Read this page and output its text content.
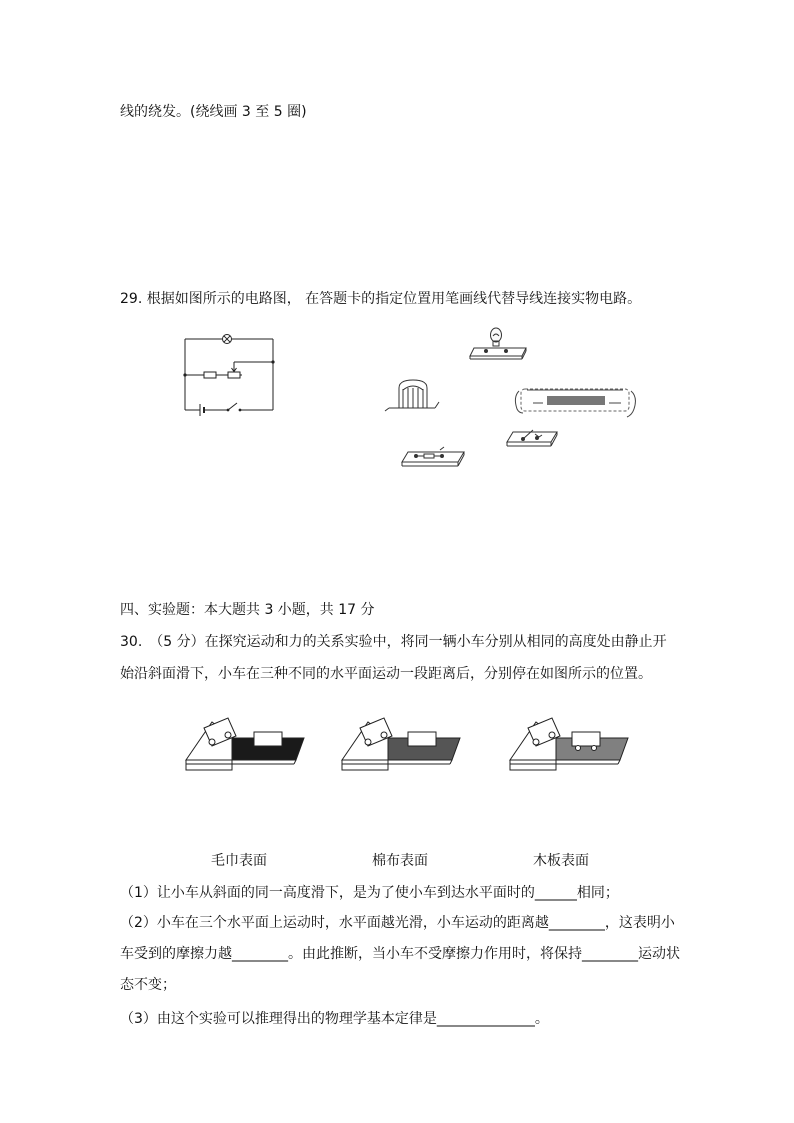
线的绕发。(绕线画 3 至 5 圈)
29. 根据如图所示的电路图， 在答题卡的指定位置用笔画线代替导线连接实物电路。
四、实验题：本大题共 3 小题，共 17 分
30.　（5 分）在探究运动和力的关系实验中，将同一辆小车分别从相同的高度处由静止开
始沿斜面滑下，小车在三种不同的水平面运动一段距离后，分别停在如图所示的位置。
毛巾表面	棉布表面	木板表面
（1）让小车从斜面的同一高度滑下，是为了使小车到达水平面时的______相同；
（2）小车在三个水平面上运动时，水平面越光滑，小车运动的距离越________，这表明小
车受到的摩擦力越________。由此推断，当小车不受摩擦力作用时，将保持________运动状
态不变；
（3）由这个实验可以推理得出的物理学基本定律是______________。
